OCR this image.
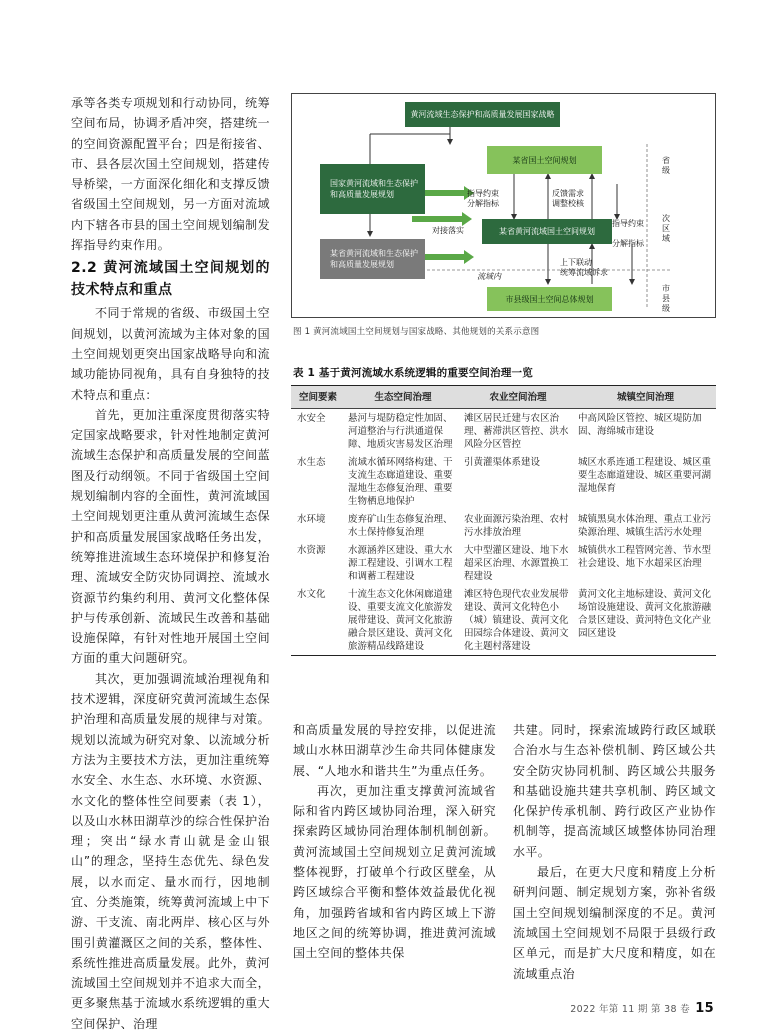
承等各类专项规划和行动协同，统筹空间布局，协调矛盾冲突，搭建统一的空间资源配置平台；四是衔接省、市、县各层次国土空间规划，搭建传导桥梁，一方面深化细化和支撑反馈省级国土空间规划，另一方面对流域内下辖各市县的国土空间规划编制发挥指导约束作用。

2.2 黄河流域国土空间规划的技术特点和重点

不同于常规的省级、市级国土空间规划，以黄河流域为主体对象的国土空间规划更突出国家战略导向和流域功能协同视角，具有自身独特的技术特点和重点：

首先，更加注重深度贯彻落实特定国家战略要求，针对性地制定黄河流域生态保护和高质量发展的空间蓝图及行动纲领。不同于省级国土空间规划编制内容的全面性，黄河流域国土空间规划更注重从黄河流域生态保护和高质量发展国家战略任务出发，统筹推进流域生态环境保护和修复治理、流域安全防灾协同调控、流域水资源节约集约利用、黄河文化整体保护与传承创新、流域民生改善和基础设施保障，有针对性地开展国土空间方面的重大问题研究。

其次，更加强调流域治理视角和技术逻辑，深度研究黄河流域生态保护治理和高质量发展的规律与对策。规划以流域为研究对象、以流域分析方法为主要技术方法，更加注重统筹水安全、水生态、水环境、水资源、水文化的整体性空间要素（表 1），以及山水林田湖草沙的综合性保护治理；突出“绿水青山就是金山银山”的理念，坚持生态优先、绿色发展，以水而定、量水而行，因地制宜、分类施策，统筹黄河流域上中下游、干支流、南北两岸、核心区与外围引黄灌溉区之间的关系，整体性、系统性推进高质量发展。此外，黄河流域国土空间规划并不追求大而全，更多聚焦基于流域水系统逻辑的重大空间保护、治理

黄河流域生态保护和高质量发展国家战略
某省国土空间规划
国家黄河流域和生态保护和高质量发展规划
某省黄河流域国土空间规划
某省黄河流域和生态保护和高质量发展规划
市县级国土空间总体规划
指导约束
分解指标
反馈需求
调整校核
指导约束
分解指标
对接落实
上下联动
统筹流域诉求
流域内
省
级
次
区
域
市
县
级
图 1 黄河流域国土空间规划与国家战略、其他规划的关系示意图
表 1 基于黄河流域水系统逻辑的重要空间治理一览
空间要素	生态空间治理	农业空间治理	城镇空间治理
水安全	悬河与堤防稳定性加固、河道整治与行洪通道保障、地质灾害易发区治理	滩区居民迁建与农区治理、蓄滞洪区管控、洪水风险分区管控	中高风险区管控、城区堤防加固、海绵城市建设
水生态	流域水循环网络构建、干支流生态廊道建设、重要湿地生态修复治理、重要生物栖息地保护	引黄灌渠体系建设	城区水系连通工程建设、城区重要生态廊道建设、城区重要河湖湿地保育
水环境	废弃矿山生态修复治理、水土保持修复治理	农业面源污染治理、农村污水排放治理	城镇黑臭水体治理、重点工业污染源治理、城镇生活污水处理
水资源	水源涵养区建设、重大水源工程建设、引调水工程和调蓄工程建设	大中型灌区建设、地下水超采区治理、水源置换工程建设	城镇供水工程管网完善、节水型社会建设、地下水超采区治理
水文化	十流生态文化休闲廊道建设、重要支流文化旅游发展带建设、黄河文化旅游融合景区建设、黄河文化旅游精品线路建设	滩区特色现代农业发展带建设、黄河文化特色小（城）镇建设、黄河文化田园综合体建设、黄河文化主题村落建设	黄河文化主地标建设、黄河文化场馆设施建设、黄河文化旅游融合景区建设、黄河特色文化产业园区建设

和高质量发展的导控安排，以促进流域山水林田湖草沙生命共同体健康发展、“人地水和谐共生”为重点任务。

再次，更加注重支撑黄河流域省际和省内跨区域协同治理，深入研究探索跨区域协同治理体制机制创新。黄河流域国土空间规划立足黄河流域整体视野，打破单个行政区壁垒，从跨区域综合平衡和整体效益最优化视角，加强跨省域和省内跨区域上下游地区之间的统筹协调，推进黄河流域国土空间的整体共保

共建。同时，探索流域跨行政区域联合治水与生态补偿机制、跨区域公共安全防灾协同机制、跨区域公共服务和基础设施共建共享机制、跨区域文化保护传承机制、跨行政区产业协作机制等，提高流域区域整体协同治理水平。

最后，在更大尺度和精度上分析研判问题、制定规划方案，弥补省级国土空间规划编制深度的不足。黄河流域国土空间规划不局限于县级行政区单元，而是扩大尺度和精度，如在流域重点治

2022 年第 11 期 第 38 卷 15
